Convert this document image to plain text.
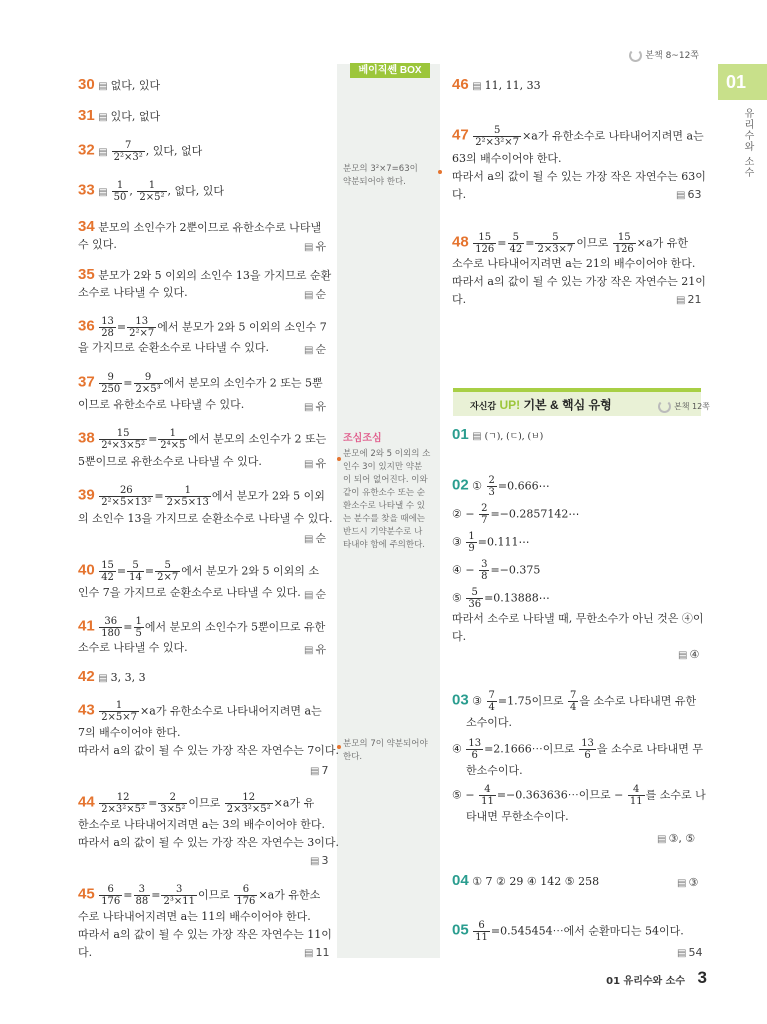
본책 8~12쪽
01
유리수와 소수
베이직쎈 BOX
분모의 3²×7=63이
약분되어야 한다.
조심조심
분모에 2와 5 이외의 소
인수 3이 있지만 약분
이 되어 없어진다. 이와
같이 유한소수 또는 순
환소수로 나타낼 수 있
는 분수를 찾을 때에는
반드시 기약분수로 나
타내야 함에 주의한다.
분모의 7이 약분되어야
한다.
30 ▤ 없다, 있다
31 ▤ 있다, 없다
32 ▤ $\frac{7}{\text{2²×3²}}$ , 있다, 없다
33 ▤ $\frac{1}{50}$ , $\frac{1}{\text{2×5²}}$ , 없다, 있다
34 분모의 소인수가 2뿐이므로 유한소수로 나타낼
수 있다.	▤ 유
35 분모가 2와 5 이외의 소인수 13을 가지므로 순환
소수로 나타낼 수 있다.	▤ 순
$36 \frac{13}{28} = \frac{13}{\text{2²×7}}$ 에서 분모가 2와 5 이외의 소인수 7
을 가지므로 순환소수로 나타낼 수 있다.	▤ 순
$37 \frac{9}{250} = \frac{9}{\text{2×5³}}$ 에서 분모의 소인수가 2 또는 5뿐
이므로 유한소수로 나타낼 수 있다.	▤ 유
$38 \frac{15}{\text{2⁴×3×5²}} = \frac{1}{\text{2⁴×5}}$ 에서 분모의 소인수가 2 또는
5뿐이므로 유한소수로 나타낼 수 있다.	▤ 유
$39 \frac{26}{\text{2²×5×13²}} = \frac{1}{2\times 5\times 13}$ 에서 분모가 2와 5 이외
의 소인수 13을 가지므로 순환소수로 나타낼 수 있다.
▤ 순
$40 \frac{15}{42} = \frac{5}{14} = \frac{5}{2\times 7}$ 에서 분모가 2와 5 이외의 소
인수 7을 가지므로 순환소수로 나타낼 수 있다.	▤ 순
$41 \frac{36}{180} = \frac{1}{5}$ 에서 분모의 소인수가 5뿐이므로 유한
소수로 나타낼 수 있다.	▤ 유
42 ▤ 3, 3, 3
$43 \frac{1}{2\times 5\times 7} \times a$가 유한소수로 나타내어지려면 a는
7의 배수이어야 한다.
따라서 a의 값이 될 수 있는 가장 작은 자연수는 7이다.
▤ 7
$44 \frac{12}{\text{2×3²×5²}} = \frac{2}{\text{3×5²}}$ 이므로 $\frac{12}{\text{2×3²×5²}} \times a$가 유
한소수로 나타내어지려면 a는 3의 배수이어야 한다.
따라서 a의 값이 될 수 있는 가장 작은 자연수는 3이다.
▤ 3
$45 \frac{6}{176} = \frac{3}{88} = \frac{3}{\text{2³×11}}$ 이므로 $\frac{6}{176} \times a$가 유한소
수로 나타내어지려면 a는 11의 배수이어야 한다.
따라서 a의 값이 될 수 있는 가장 작은 자연수는 11이
다.	▤ 11
46 ▤ 11, 11, 33
$47 \frac{5}{\text{2²×3²×7}} \times a$가 유한소수로 나타내어지려면 a는
63의 배수이어야 한다.
따라서 a의 값이 될 수 있는 가장 작은 자연수는 63이
다.	▤ 63
$48 \frac{15}{126} = \frac{5}{42} = \frac{5}{2\times 3\times 7}$ 이므로 $\frac{15}{126} \times a$가 유한
소수로 나타내어지려면 a는 21의 배수이어야 한다.
따라서 a의 값이 될 수 있는 가장 작은 자연수는 21이
다.	▤ 21
자신감 UP! 기본 & 핵심 유형	본책 12쪽
01 ▤ (ㄱ), (ㄷ), (ㅂ)
02 ① $\frac{2}{3}$ =0.666⋯
② − $\frac{2}{7}$ =−0.2857142⋯
③ $\frac{1}{9}$ =0.111⋯
④ − $\frac{3}{8} =-0.375$
⑤ $\frac{5}{36}$ =0.13888⋯
따라서 소수로 나타낼 때, 무한소수가 아닌 것은 ④이
다.
▤ ④
03 ③ $\frac{7}{4} =1.75$이므로 $\frac{7}{4}$ 을 소수로 나타내면 유한
소수이다.
④ $\frac{13}{6}$ =2.1666⋯이므로 $\frac{13}{6}$ 을 소수로 나타내면 무
한소수이다.
⑤ − $\frac{4}{11}$ =−0.363636⋯이므로 − $\frac{4}{11}$ 를 소수로 나
타내면 무한소수이다.
▤ ③, ⑤
04 ① 7 ② 29 ④ 142 ⑤ 258	▤ ③
$05 \frac{6}{11}$ =0.545454⋯에서 순환마디는 54이다.
▤ 54
01 유리수와 소수 3
